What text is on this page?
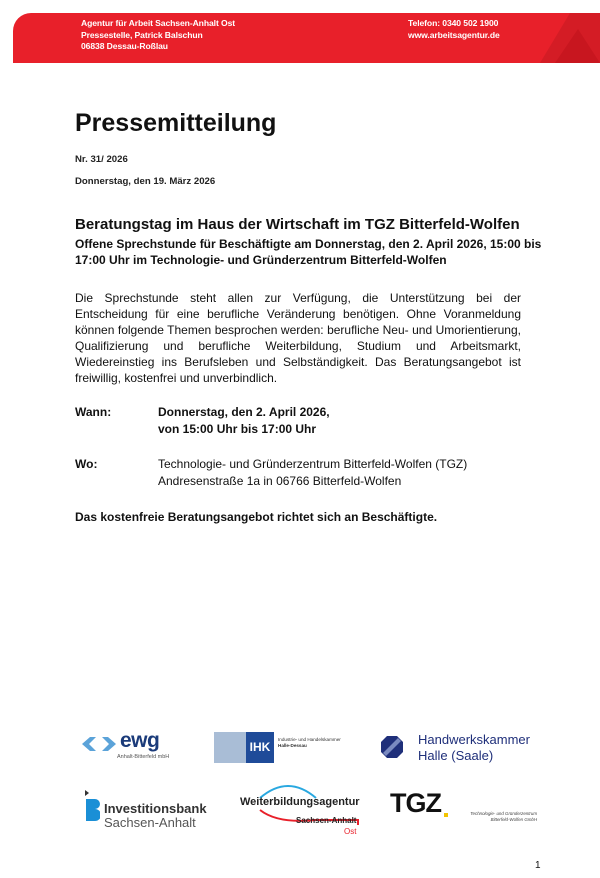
Agentur für Arbeit Sachsen-Anhalt Ost
Pressestelle, Patrick Balschun
06838 Dessau-Roßlau
Telefon: 0340 502 1900
www.arbeitsagentur.de
Pressemitteilung
Nr. 31/ 2026
Donnerstag, den 19. März 2026
Beratungstag im Haus der Wirtschaft im TGZ Bitterfeld-Wolfen
Offene Sprechstunde für Beschäftigte am Donnerstag, den 2. April 2026, 15:00 bis 17:00 Uhr im Technologie- und Gründerzentrum Bitterfeld-Wolfen
Die Sprechstunde steht allen zur Verfügung, die Unterstützung bei der Entscheidung für eine berufliche Veränderung benötigen. Ohne Voranmeldung können folgende Themen besprochen werden: berufliche Neu- und Umorientierung, Qualifizierung und berufliche Weiterbildung, Studium und Arbeitsmarkt, Wiedereinstieg ins Berufsleben und Selbständigkeit. Das Beratungsangebot ist freiwillig, kostenfrei und unverbindlich.
Wann:	Donnerstag, den 2. April 2026,
von 15:00 Uhr bis 17:00 Uhr
Wo:	Technologie- und Gründerzentrum Bitterfeld-Wolfen (TGZ)
Andresenstraße 1a in 06766 Bitterfeld-Wolfen
Das kostenfreie Beratungsangebot richtet sich an Beschäftigte.
ewg
Anhalt-Bitterfeld mbH
IHK
Industrie- und Handelskammer
Halle-Dessau	Handwerkskammer
Halle (Saale)
Investitionsbank
Sachsen-Anhalt
Weiterbildungsagentur
Sachsen-Anhalt
Ost
TGZ	Technologie- und Gründerzentrum
Bitterfeld-Wolfen GmbH
1
